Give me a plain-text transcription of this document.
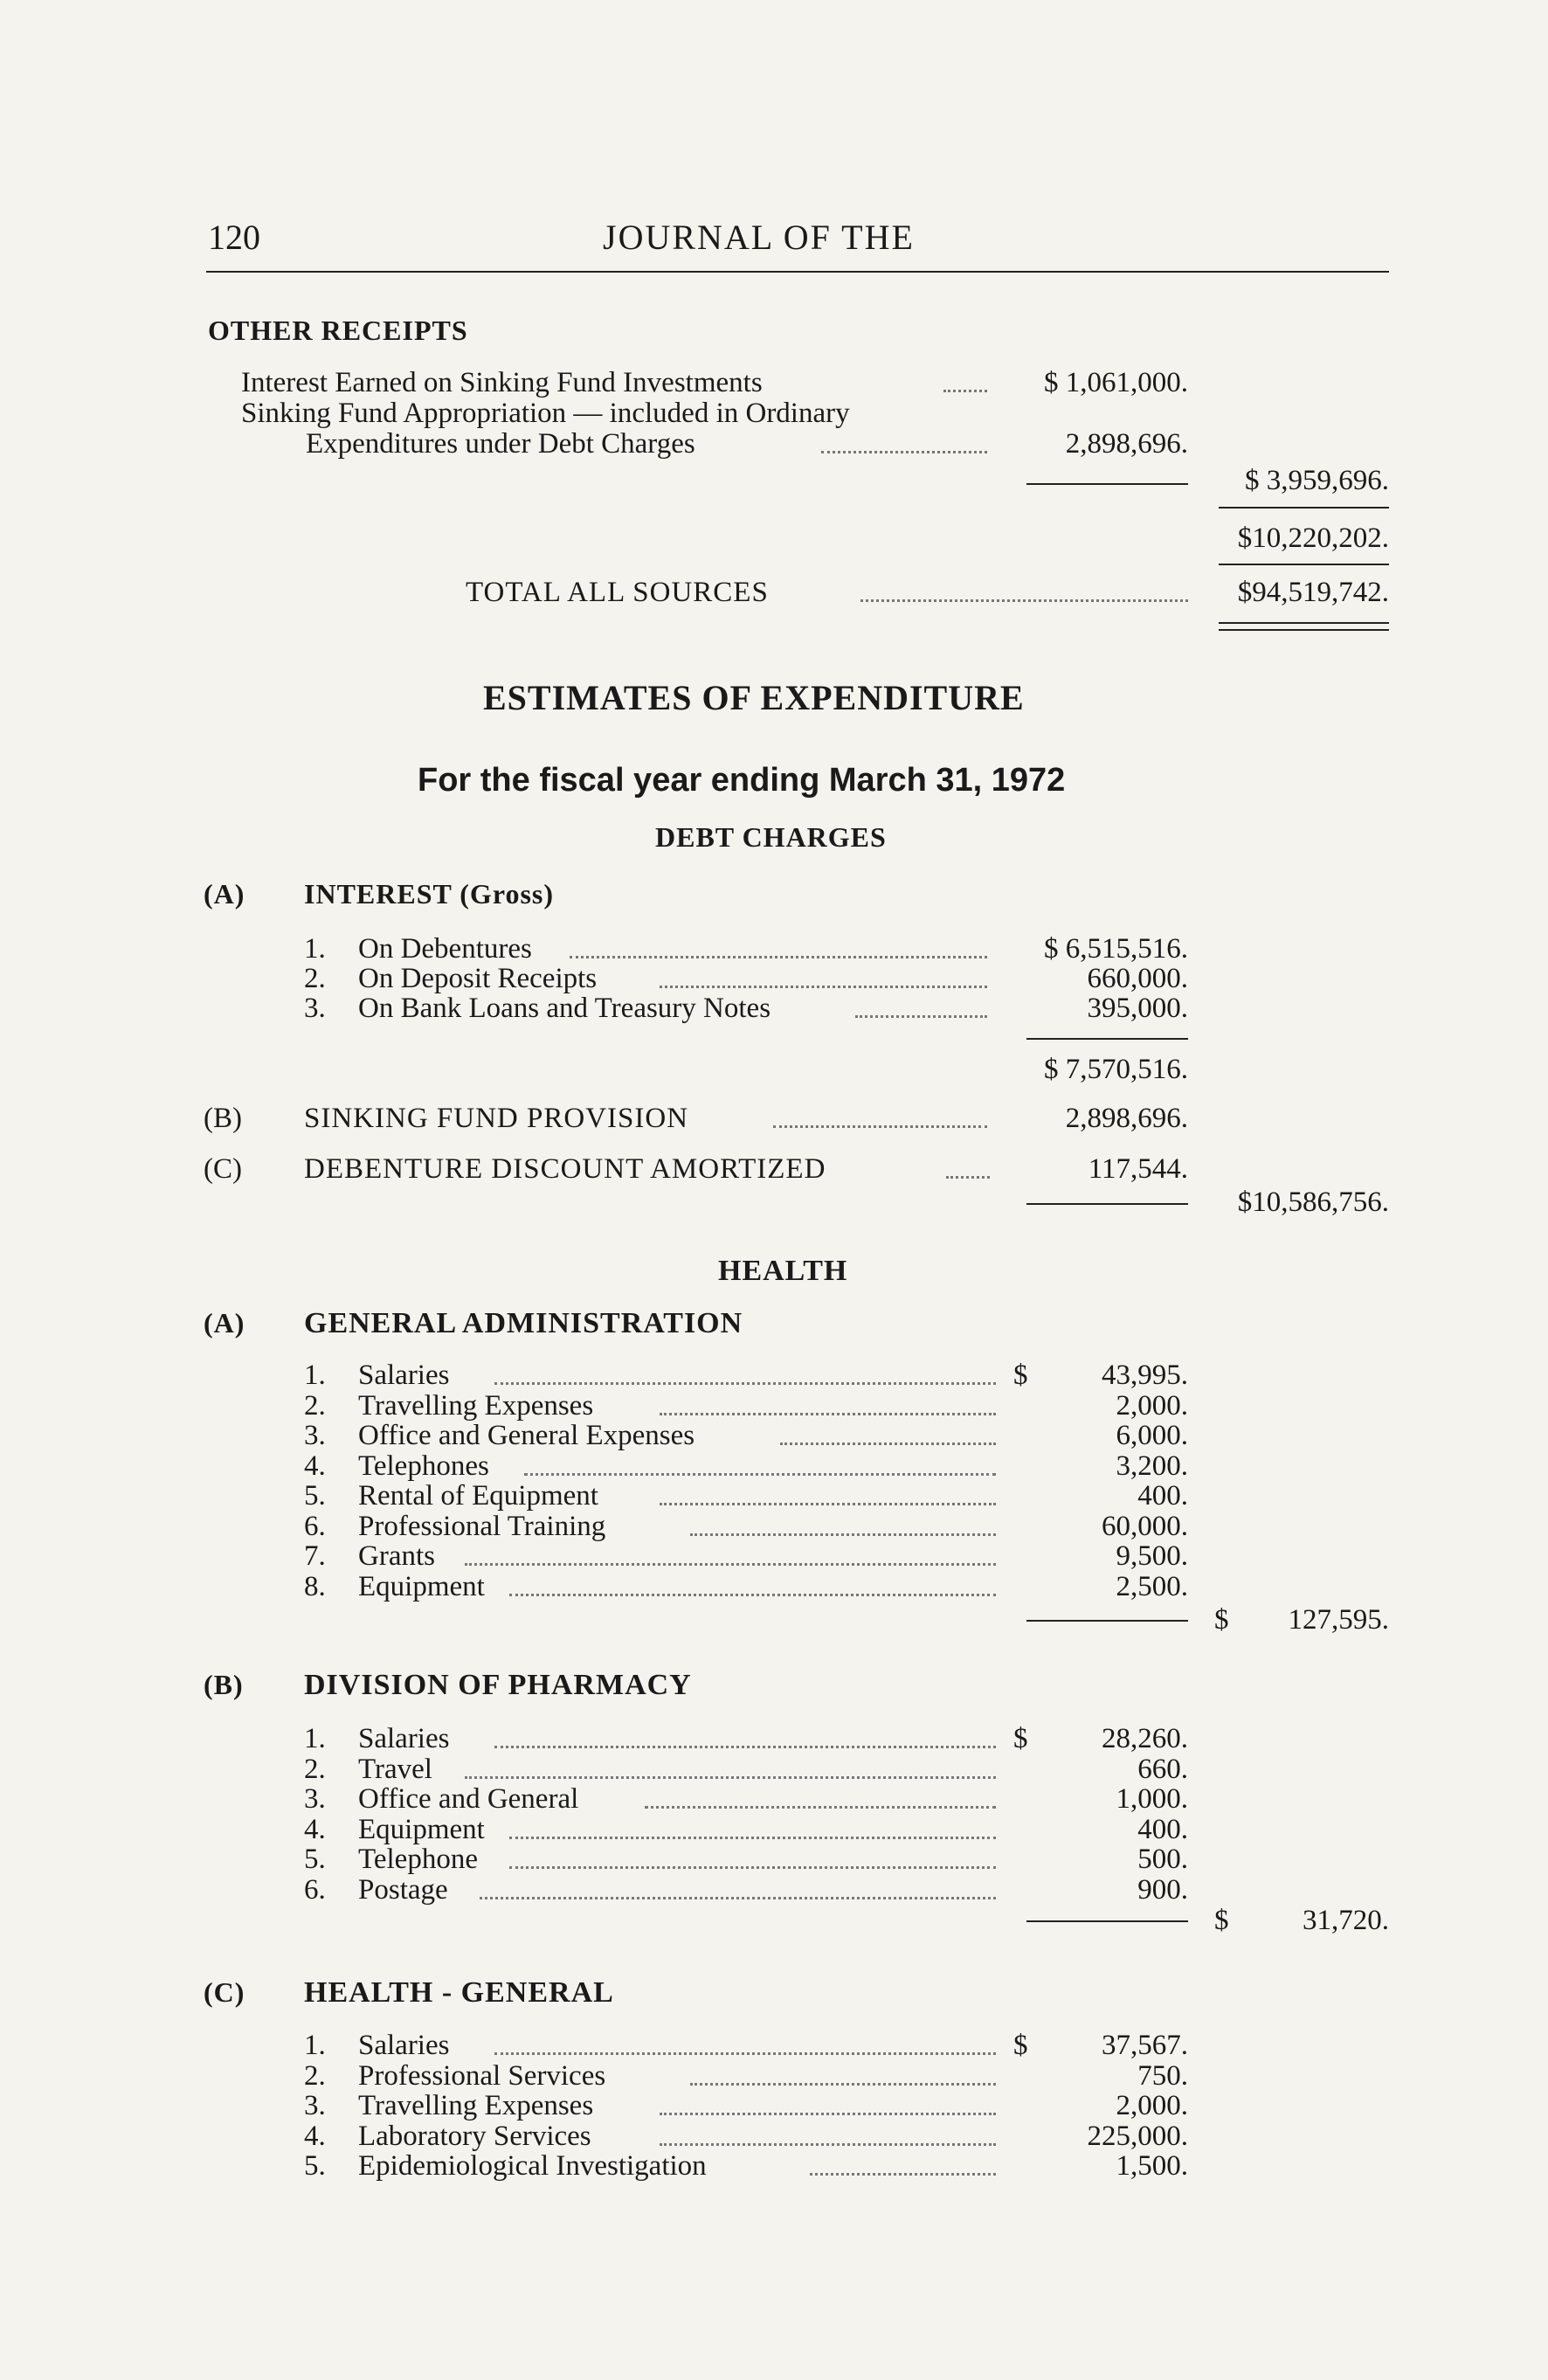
120	JOURNAL OF THE
OTHER RECEIPTS
Interest Earned on Sinking Fund Investments	$ 1,061,000.
Sinking Fund Appropriation — included in Ordinary
Expenditures under Debt Charges	2,898,696.
$ 3,959,696.
$10,220,202.
TOTAL ALL SOURCES	$94,519,742.
ESTIMATES OF EXPENDITURE
For the fiscal year ending March 31, 1972
DEBT CHARGES
(A) INTEREST (Gross)
1. On Debentures	$ 6,515,516.
2. On Deposit Receipts	660,000.
3. On Bank Loans and Treasury Notes	395,000.
$ 7,570,516.
(B) SINKING FUND PROVISION	2,898,696.
(C) DEBENTURE DISCOUNT AMORTIZED	117,544.
$10,586,756.
HEALTH
(A) GENERAL ADMINISTRATION
1. Salaries	$	43,995.
2. Travelling Expenses	2,000.
3. Office and General Expenses	6,000.
4. Telephones	3,200.
5. Rental of Equipment	400.
6. Professional Training	60,000.
7. Grants	9,500.
8. Equipment	2,500.
$	127,595.
(B) DIVISION OF PHARMACY
1. Salaries	$	28,260.
2. Travel	660.
3. Office and General	1,000.
4. Equipment	400.
5. Telephone	500.
6. Postage	900.
$	31,720.
(C) HEALTH - GENERAL
1. Salaries	$	37,567.
2. Professional Services	750.
3. Travelling Expenses	2,000.
4. Laboratory Services	225,000.
5. Epidemiological Investigation	1,500.
